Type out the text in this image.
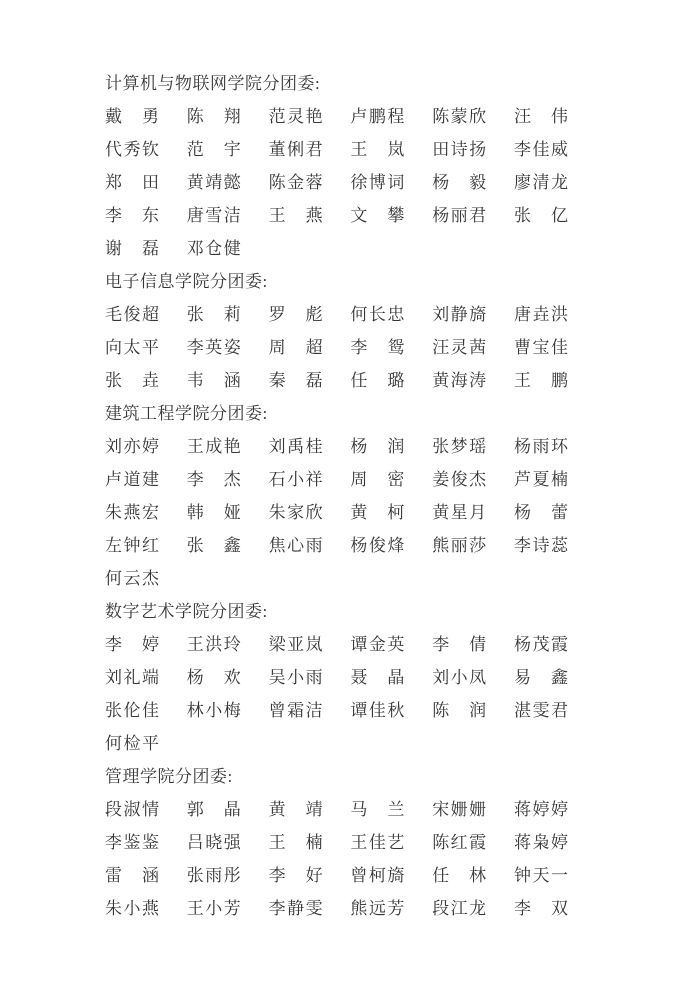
计算机与物联网学院分团委:
戴勇 陈翔 范灵艳 卢鹏程 陈蒙欣 汪伟
代秀钦 范宇 董俐君 王岚 田诗扬 李佳威
郑田 黄靖懿 陈金蓉 徐博词 杨毅 廖清龙
李东 唐雪洁 王燕 文攀 杨丽君 张亿
谢磊 邓仓健
电子信息学院分团委:
毛俊超 张莉 罗彪 何长忠 刘静旖 唐垚洪
向太平 李英姿 周超 李鸳 汪灵茜 曹宝佳
张垚 韦涵 秦磊 任璐 黄海涛 王鹏
建筑工程学院分团委:
刘亦婷 王成艳 刘禹桂 杨润 张梦瑶 杨雨环
卢道建 李杰 石小祥 周密 姜俊杰 芦夏楠
朱燕宏 韩娅 朱家欣 黄柯 黄星月 杨蕾
左钟红 张鑫 焦心雨 杨俊烽 熊丽莎 李诗蕊
何云杰
数字艺术学院分团委:
李婷 王洪玲 梁亚岚 谭金英 李倩 杨茂霞
刘礼端 杨欢 吴小雨 聂晶 刘小凤 易鑫
张伦佳 林小梅 曾霜洁 谭佳秋 陈润 湛雯君
何检平
管理学院分团委:
段淑情 郭晶 黄靖 马兰 宋姗姗 蒋婷婷
李鉴鉴 吕晓强 王楠 王佳艺 陈红霞 蒋枭婷
雷涵 张雨彤 李好 曾柯旖 任林 钟天一
朱小燕 王小芳 李静雯 熊远芳 段江龙 李双
